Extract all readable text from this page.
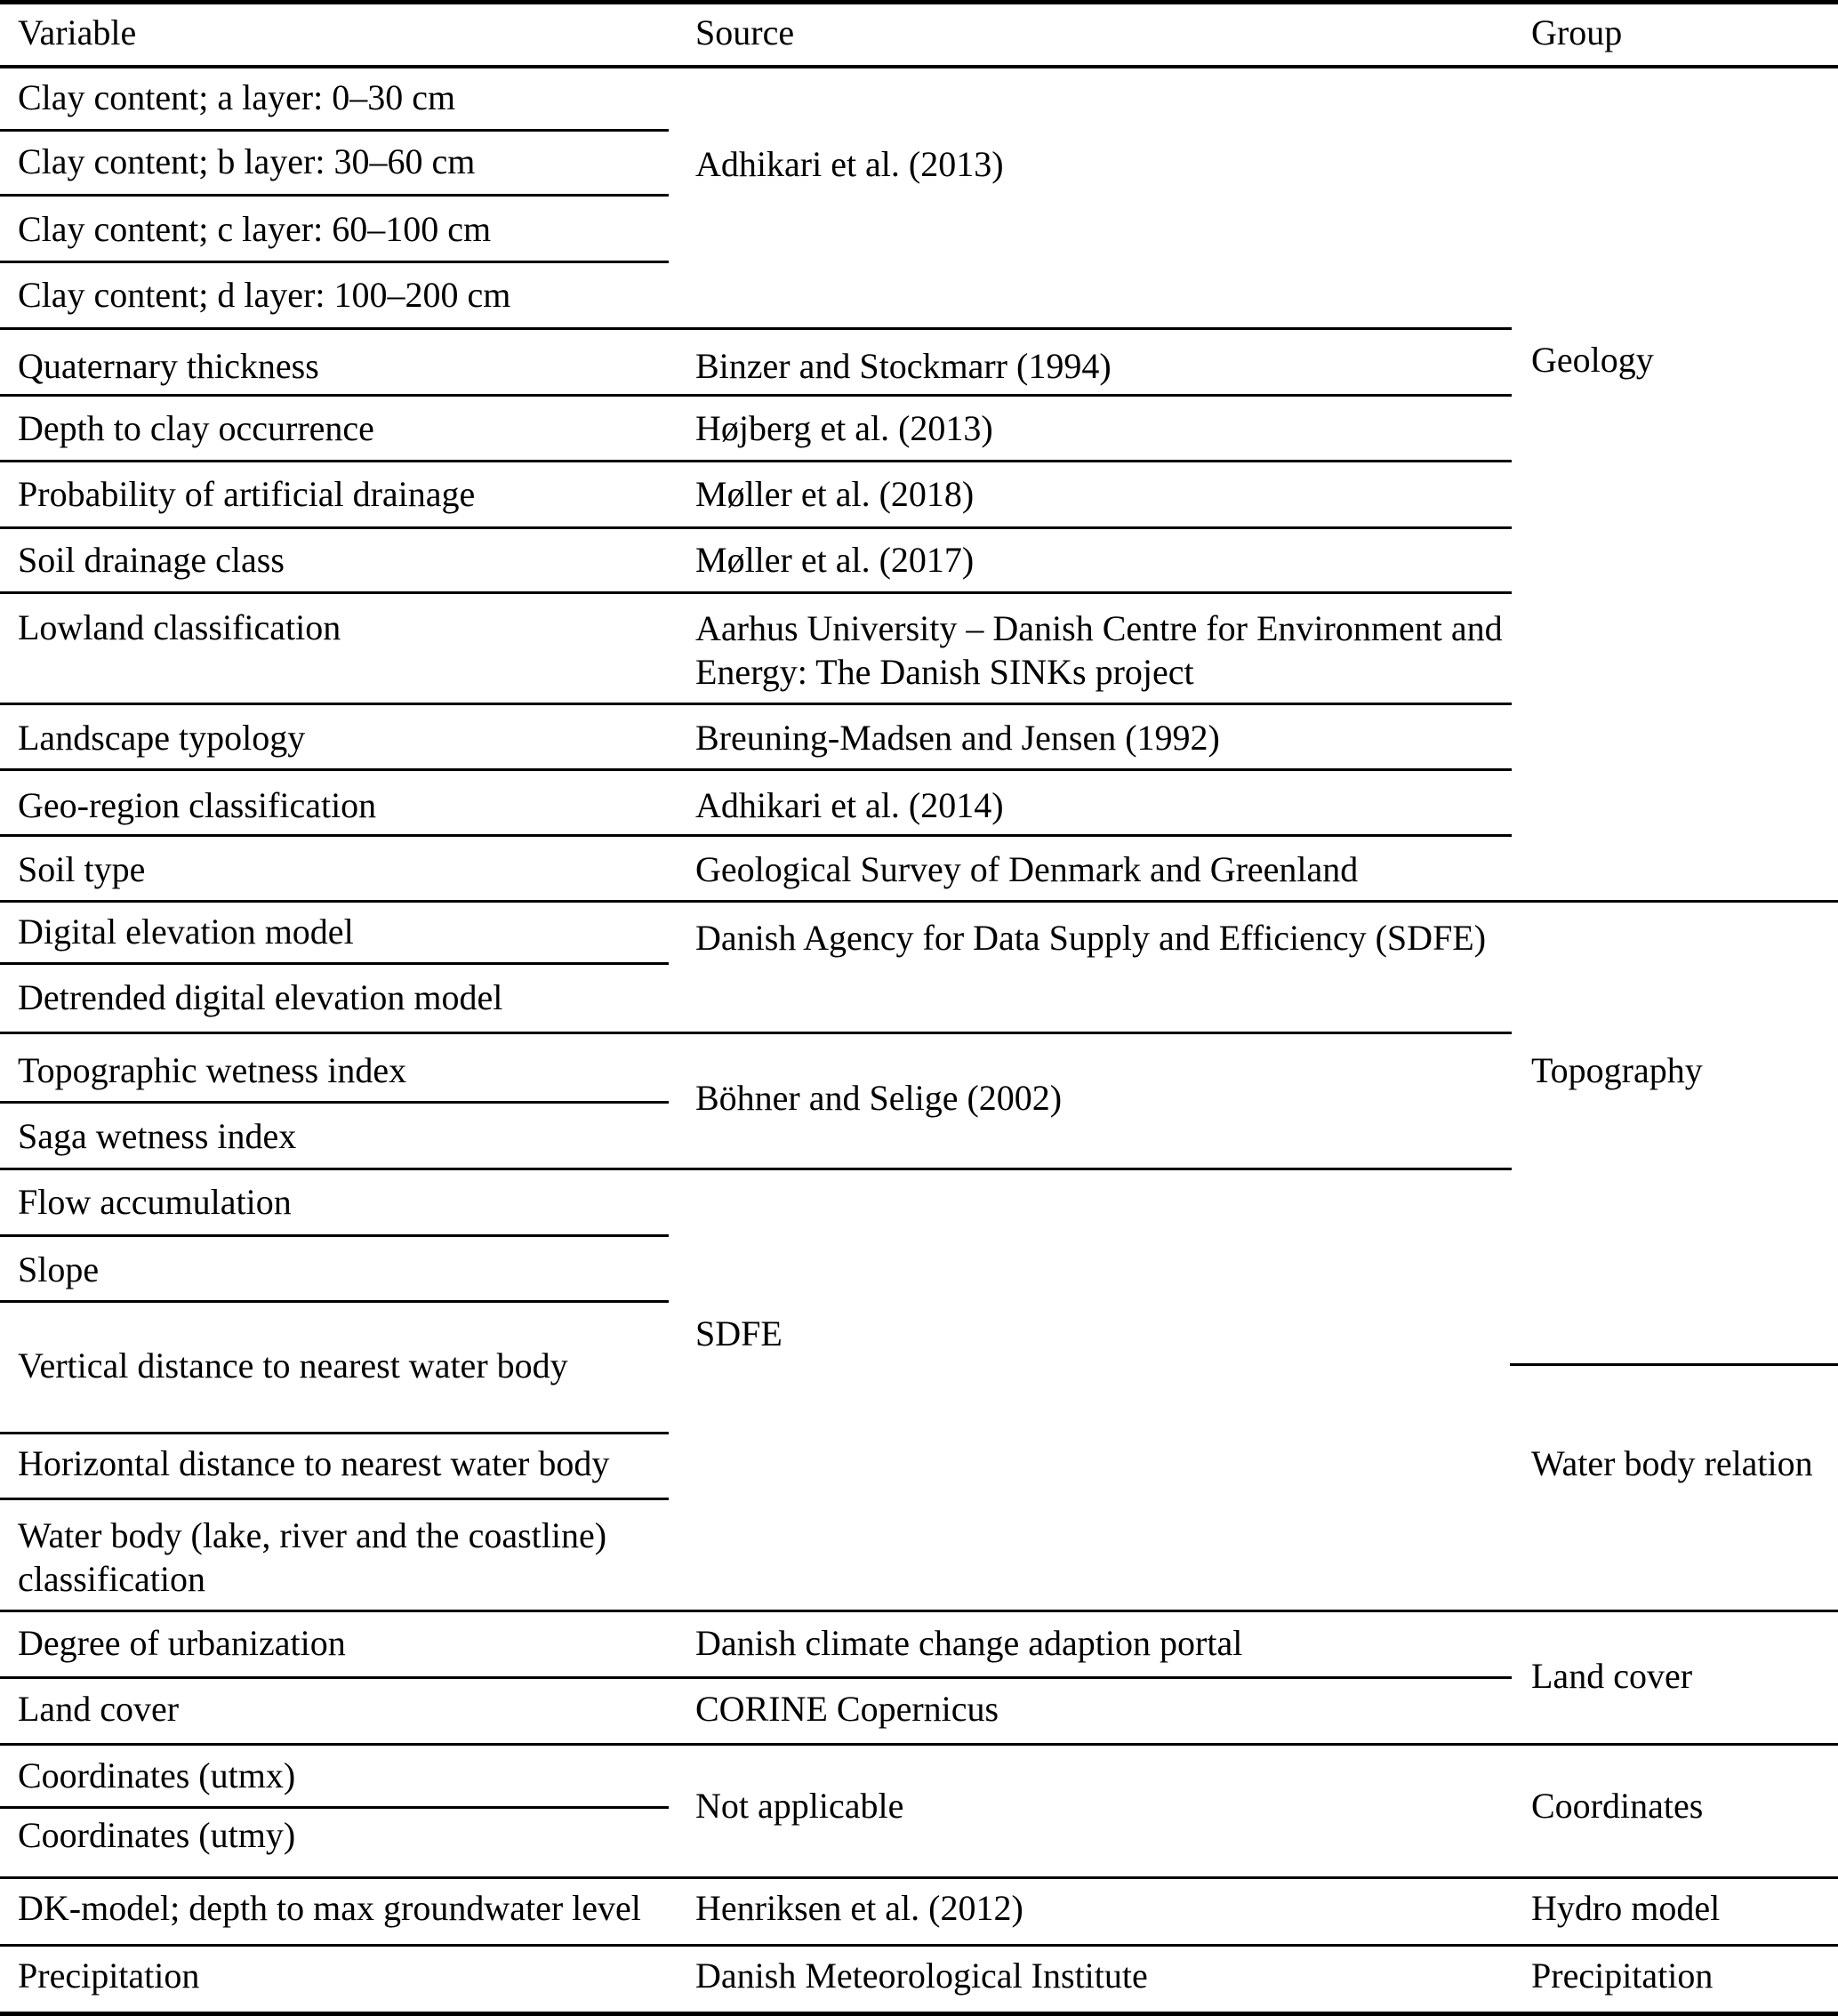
Variable	Source	Group
Clay content; a layer: 0–30 cm
Clay content; b layer: 30–60 cm
Clay content; c layer: 60–100 cm
Clay content; d layer: 100–200 cm
Quaternary thickness
Depth to clay occurrence
Probability of artificial drainage
Soil drainage class
Lowland classification
Landscape typology
Geo-region classification
Soil type
Digital elevation model
Detrended digital elevation model
Topographic wetness index
Saga wetness index
Flow accumulation
Slope
Vertical distance to nearest water body
Horizontal distance to nearest water body
Water body (lake, river and the coastline) classification
Degree of urbanization
Land cover
Coordinates (utmx)
Coordinates (utmy)
DK-model; depth to max groundwater level
Precipitation
Adhikari et al. (2013)
Binzer and Stockmarr (1994)
Højberg et al. (2013)
Møller et al. (2018)
Møller et al. (2017)
Aarhus University – Danish Centre for Environment and Energy: The Danish SINKs project
Breuning-Madsen and Jensen (1992)
Adhikari et al. (2014)
Geological Survey of Denmark and Greenland
Danish Agency for Data Supply and Efficiency (SDFE)
Böhner and Selige (2002)
SDFE
Danish climate change adaption portal
CORINE Copernicus
Not applicable
Henriksen et al. (2012)
Danish Meteorological Institute
Geology
Topography
Water body relation
Land cover
Coordinates
Hydro model
Precipitation
